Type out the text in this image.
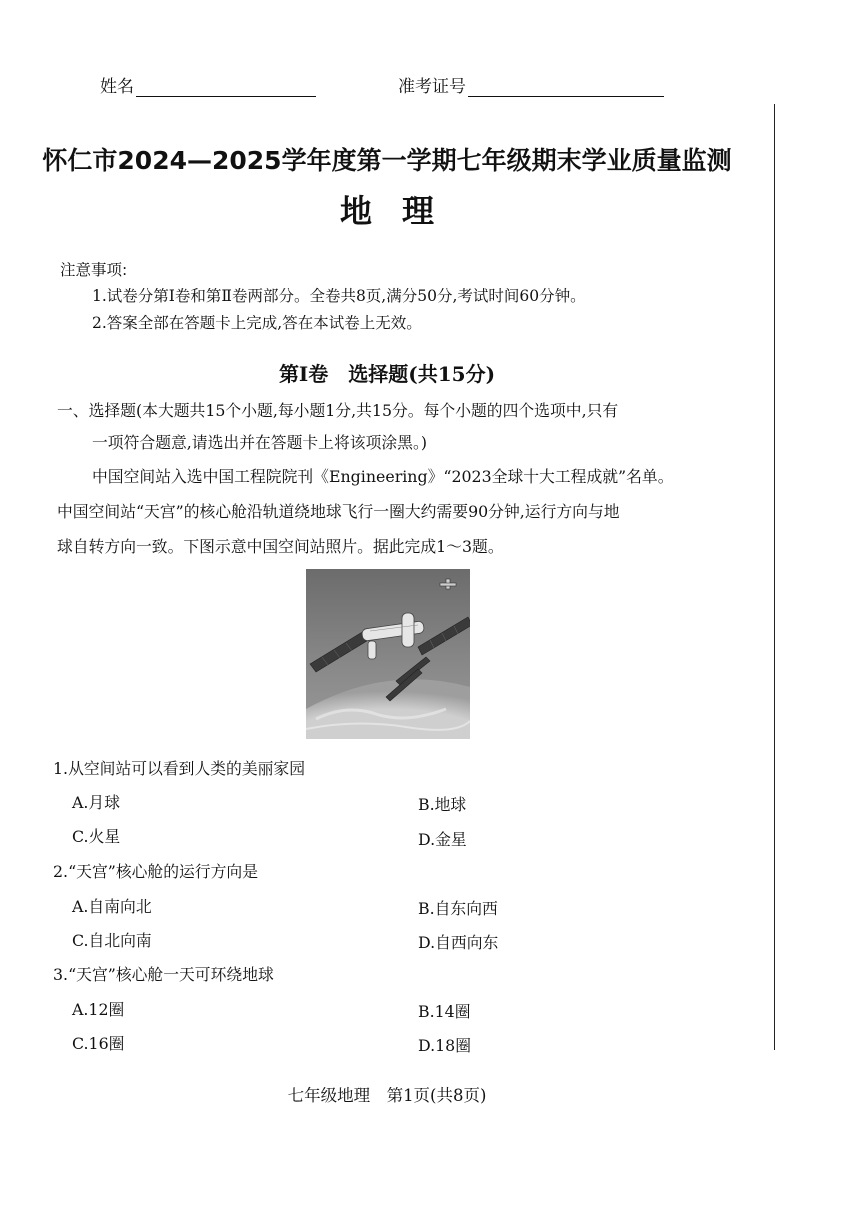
姓名	准考证号
怀仁市2024—2025学年度第一学期七年级期末学业质量监测
地理
注意事项:
1.试卷分第Ⅰ卷和第Ⅱ卷两部分。全卷共8页,满分50分,考试时间60分钟。
2.答案全部在答题卡上完成,答在本试卷上无效。
第Ⅰ卷　选择题(共15分)
一、选择题(本大题共15个小题,每小题1分,共15分。每个小题的四个选项中,只有
一项符合题意,请选出并在答题卡上将该项涂黑。)
中国空间站入选中国工程院院刊《Engineering》“2023全球十大工程成就”名单。
中国空间站“天宫”的核心舱沿轨道绕地球飞行一圈大约需要90分钟,运行方向与地
球自转方向一致。下图示意中国空间站照片。据此完成1～3题。
1.从空间站可以看到人类的美丽家园
A.月球	B.地球
C.火星	D.金星
2.“天宫”核心舱的运行方向是
A.自南向北	B.自东向西
C.自北向南	D.自西向东
3.“天宫”核心舱一天可环绕地球
A.12圈	B.14圈
C.16圈	D.18圈
七年级地理　第1页(共8页)
